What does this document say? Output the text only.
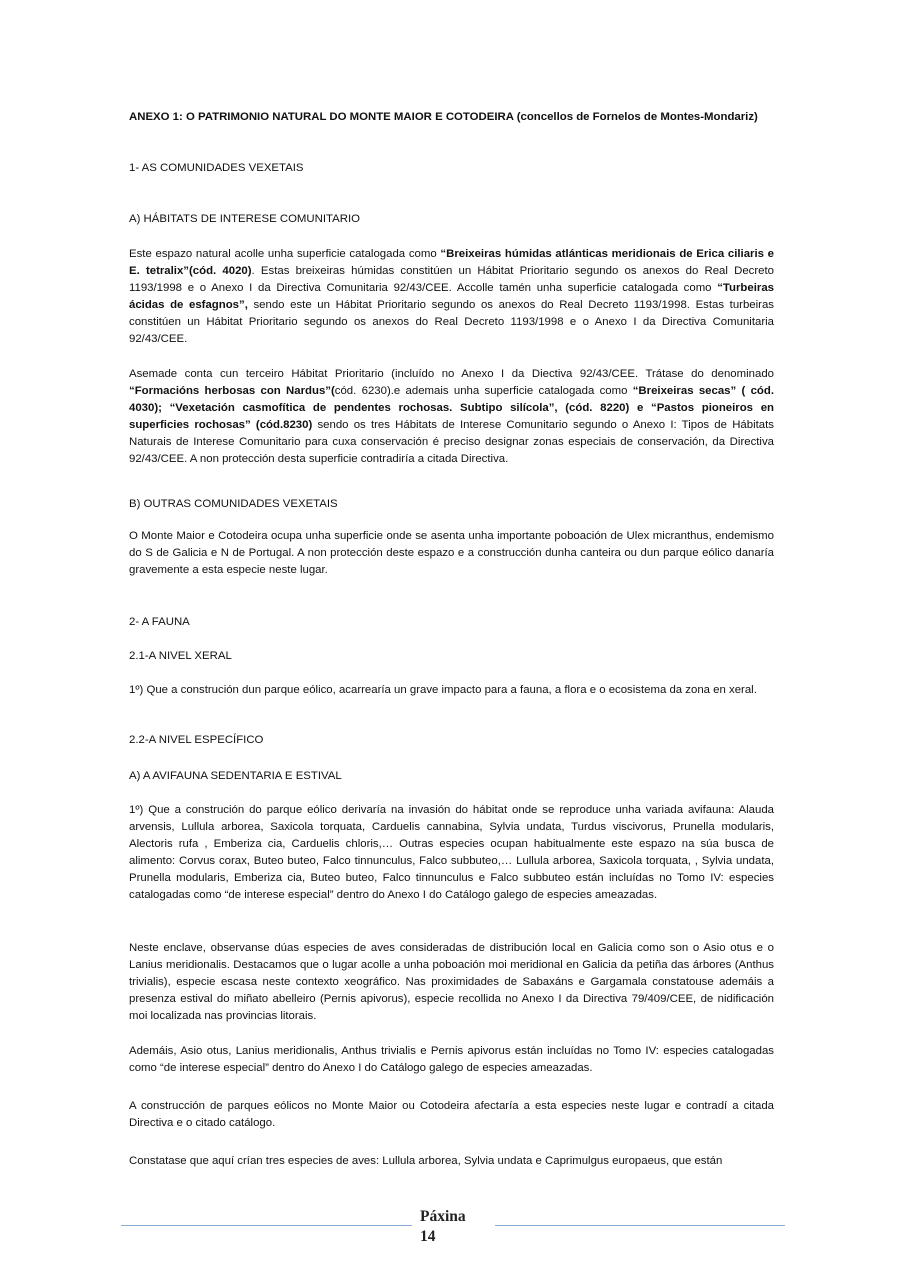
ANEXO 1: O PATRIMONIO NATURAL DO MONTE MAIOR E COTODEIRA (concellos de Fornelos de Montes-Mondariz)

1- AS COMUNIDADES VEXETAIS

A) HÁBITATS DE INTERESE COMUNITARIO

Este espazo natural acolle unha superficie catalogada como “Breixeiras húmidas atlánticas meridionais de Erica ciliaris e E. tetralix”(cód. 4020). Estas breixeiras húmidas constitúen un Hábitat Prioritario segundo os anexos do Real Decreto 1193/1998 e o Anexo I da Directiva Comunitaria 92/43/CEE. Accolle tamén unha superficie catalogada como “Turbeiras ácidas de esfagnos”, sendo este un Hábitat Prioritario segundo os anexos do Real Decreto 1193/1998. Estas turbeiras constitúen un Hábitat Prioritario segundo os anexos do Real Decreto 1193/1998 e o Anexo I da Directiva Comunitaria 92/43/CEE.

Asemade conta cun terceiro Hábitat Prioritario (incluído no Anexo I da Diectiva 92/43/CEE. Trátase do denominado “Formacións herbosas con Nardus”(cód. 6230).e ademais unha superficie catalogada como “Breixeiras secas” ( cód. 4030); “Vexetación casmofítica de pendentes rochosas. Subtipo silícola”, (cód. 8220) e “Pastos pioneiros en superficies rochosas” (cód.8230) sendo os tres Hábitats de Interese Comunitario segundo o Anexo I: Tipos de Hábitats Naturais de Interese Comunitario para cuxa conservación é preciso designar zonas especiais de conservación, da Directiva 92/43/CEE. A non protección desta superficie contradiría a citada Directiva.

B) OUTRAS COMUNIDADES VEXETAIS

O Monte Maior e Cotodeira ocupa unha superficie onde se asenta unha importante poboación de Ulex micranthus, endemismo do S de Galicia e N de Portugal. A non protección deste espazo e a construcción dunha canteira ou dun parque eólico danaría gravemente a esta especie neste lugar.

2- A FAUNA

2.1-A NIVEL XERAL

1º) Que a construción dun parque eólico, acarrearía un grave impacto para a fauna, a flora e o ecosistema da zona en xeral.

2.2-A NIVEL ESPECÍFICO

A) A AVIFAUNA SEDENTARIA E ESTIVAL

1º) Que a construción do parque eólico derivaría na invasión do hábitat onde se reproduce unha variada avifauna: Alauda arvensis, Lullula arborea, Saxicola torquata, Carduelis cannabina, Sylvia undata, Turdus viscivorus, Prunella modularis, Alectoris rufa , Emberiza cia, Carduelis chloris,… Outras especies ocupan habitualmente este espazo na súa busca de alimento: Corvus corax, Buteo buteo, Falco tinnunculus, Falco subbuteo,… Lullula arborea, Saxicola torquata, , Sylvia undata, Prunella modularis, Emberiza cia, Buteo buteo, Falco tinnunculus e Falco subbuteo están incluídas no Tomo IV: especies catalogadas como “de interese especial” dentro do Anexo I do Catálogo galego de especies ameazadas.

Neste enclave, observanse dúas especies de aves consideradas de distribución local en Galicia como son o Asio otus e o Lanius meridionalis. Destacamos que o lugar acolle a unha poboación moi meridional en Galicia da petiña das árbores (Anthus trivialis), especie escasa neste contexto xeográfico. Nas proximidades de Sabaxáns e Gargamala constatouse ademáis a presenza estival do miñato abelleiro (Pernis apivorus), especie recollida no Anexo I da Directiva 79/409/CEE, de nidificación moi localizada nas provincias litorais.

Ademáis, Asio otus, Lanius meridionalis, Anthus trivialis e Pernis apivorus están incluídas no Tomo IV: especies catalogadas como “de interese especial” dentro do Anexo I do Catálogo galego de especies ameazadas.

A construcción de parques eólicos no Monte Maior ou Cotodeira afectaría a esta especies neste lugar e contradí a citada Directiva e o citado catálogo.

Constatase que aquí crían tres especies de aves: Lullula arborea, Sylvia undata e Caprimulgus europaeus, que están

Páxina
14
